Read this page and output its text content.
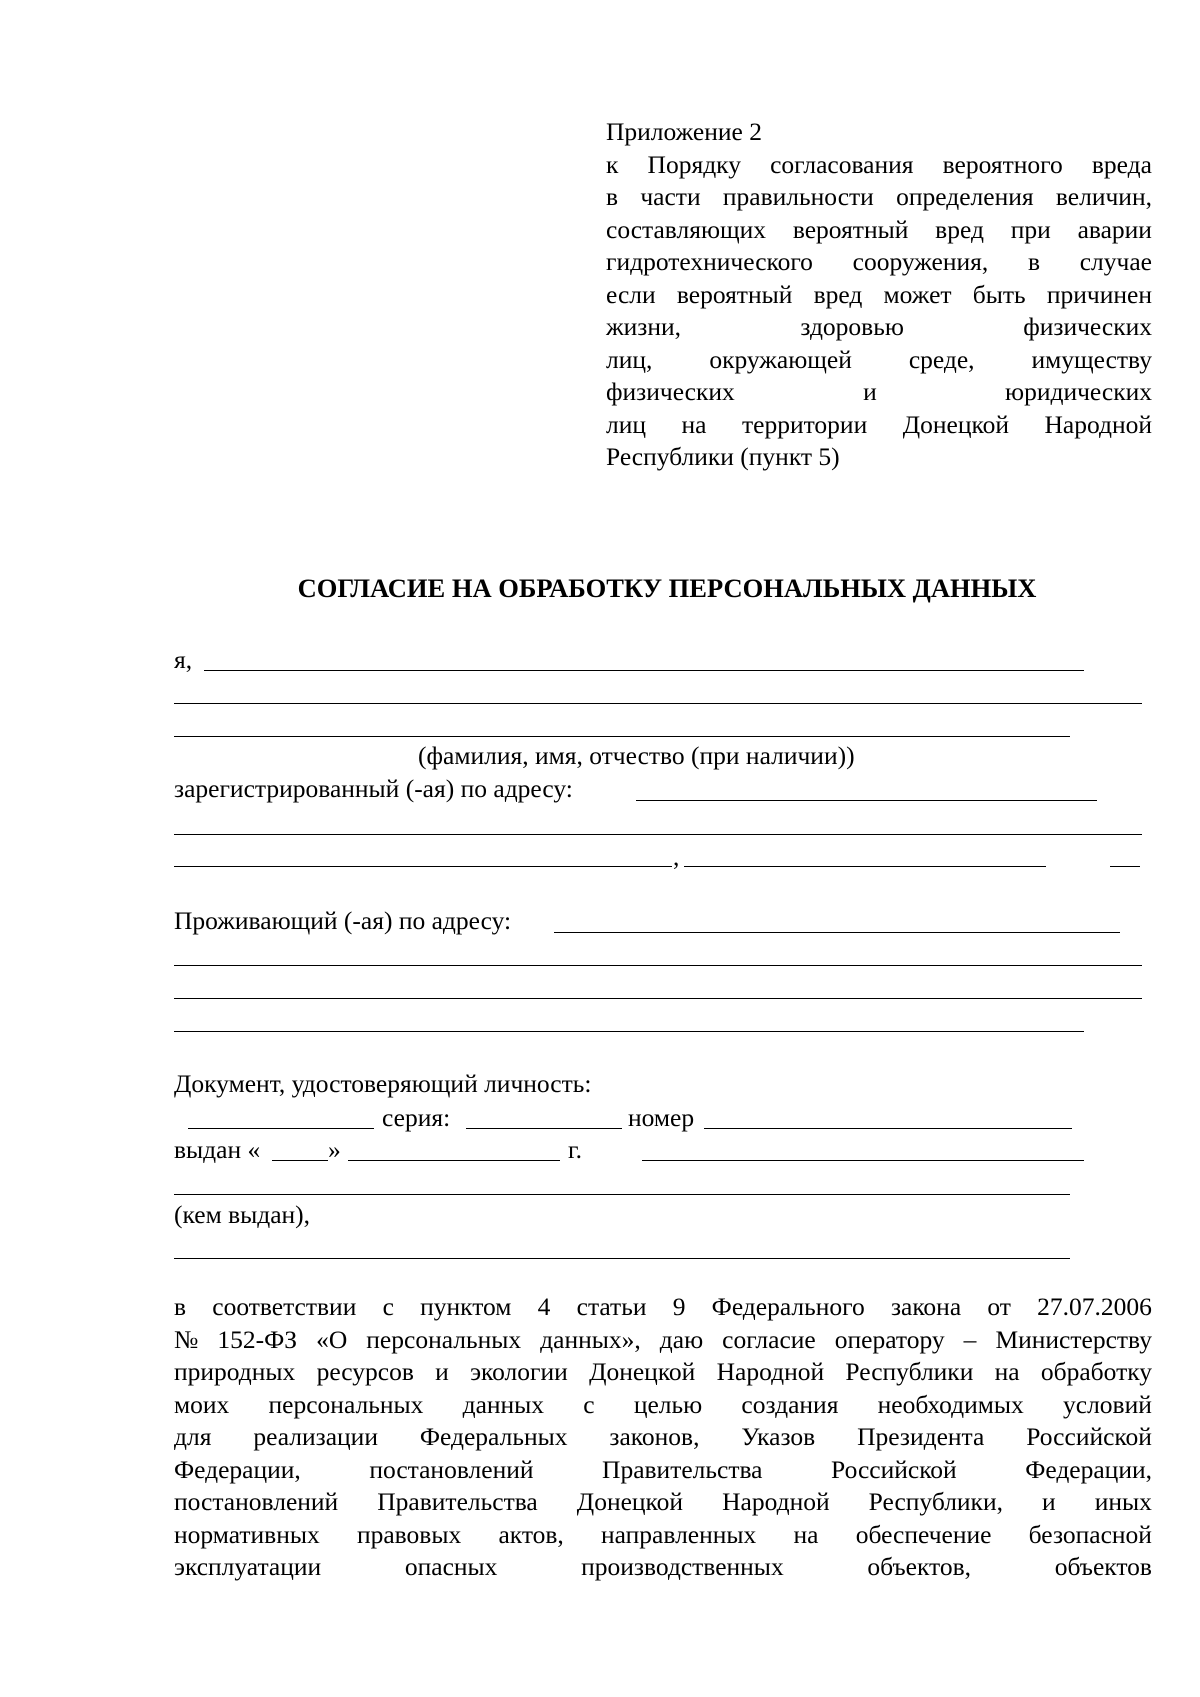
Приложение 2
к Порядку согласования вероятного вреда
в части правильности определения величин,
составляющих вероятный вред при аварии
гидротехнического сооружения, в случае
если вероятный вред может быть причинен
жизни,	здоровью	физических
лиц, окружающей среде, имуществу
физических	и	юридических
лиц на территории Донецкой Народной
Республики (пункт 5)
СОГЛАСИЕ НА ОБРАБОТКУ ПЕРСОНАЛЬНЫХ ДАННЫХ
я,
(фамилия, имя, отчество (при наличии))
зарегистрированный (-ая) по адресу:
,
Проживающий (-ая) по адресу:
Документ, удостоверяющий личность:
серия:	номер
выдан «	»	г.
(кем выдан),
в соответствии с пунктом 4 статьи 9 Федерального закона от 27.07.2006
№ 152-ФЗ «О персональных данных», даю согласие оператору – Министерству
природных ресурсов и экологии Донецкой Народной Республики на обработку
моих персональных данных с целью создания необходимых условий
для реализации Федеральных законов, Указов Президента Российской
Федерации,	постановлений	Правительства	Российской	Федерации,
постановлений Правительства Донецкой Народной Республики, и иных
нормативных правовых актов, направленных на обеспечение безопасной
эксплуатации	опасных	производственных	объектов,	объектов
